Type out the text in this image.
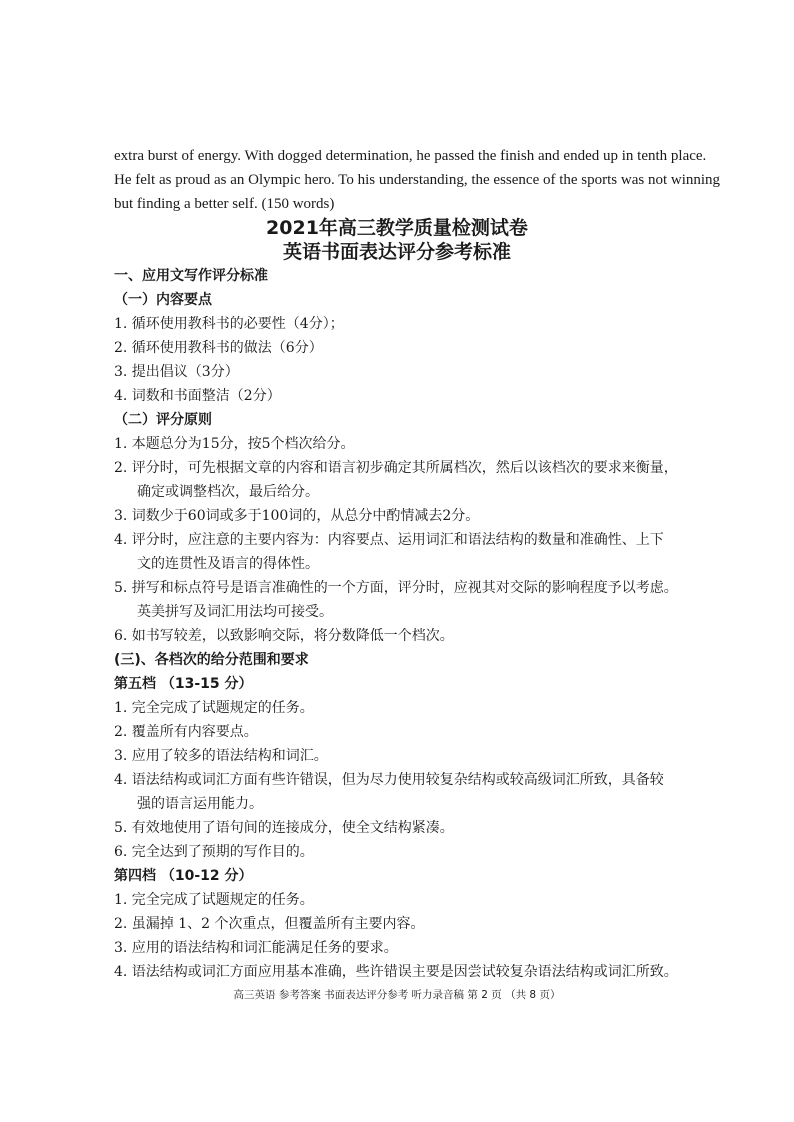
extra burst of energy. With dogged determination, he passed the finish and ended up in tenth place.
He felt as proud as an Olympic hero. To his understanding, the essence of the sports was not winning
but finding a better self. (150 words)
2021年高三教学质量检测试卷
英语书面表达评分参考标准
一、应用文写作评分标准
（一）内容要点
1. 循环使用教科书的必要性（4分）；
2. 循环使用教科书的做法（6分）
3. 提出倡议（3分）
4. 词数和书面整洁（2分）
（二）评分原则
1. 本题总分为15分，按5个档次给分。
2. 评分时，可先根据文章的内容和语言初步确定其所属档次，然后以该档次的要求来衡量，
确定或调整档次，最后给分。
3. 词数少于60词或多于100词的，从总分中酌情减去2分。
4. 评分时，应注意的主要内容为：内容要点、运用词汇和语法结构的数量和准确性、上下
文的连贯性及语言的得体性。
5. 拼写和标点符号是语言准确性的一个方面，评分时，应视其对交际的影响程度予以考虑。
英美拼写及词汇用法均可接受。
6. 如书写较差，以致影响交际，将分数降低一个档次。
(三)、各档次的给分范围和要求
第五档 （13-15 分）
1. 完全完成了试题规定的任务。
2. 覆盖所有内容要点。
3. 应用了较多的语法结构和词汇。
4. 语法结构或词汇方面有些许错误，但为尽力使用较复杂结构或较高级词汇所致，具备较
强的语言运用能力。
5. 有效地使用了语句间的连接成分，使全文结构紧凑。
6. 完全达到了预期的写作目的。
第四档 （10-12 分）
1. 完全完成了试题规定的任务。
2. 虽漏掉 1、2 个次重点，但覆盖所有主要内容。
3. 应用的语法结构和词汇能满足任务的要求。
4. 语法结构或词汇方面应用基本准确，些许错误主要是因尝试较复杂语法结构或词汇所致。
高三英语 参考答案 书面表达评分参考 听力录音稿 第 2 页 （共 8 页）
